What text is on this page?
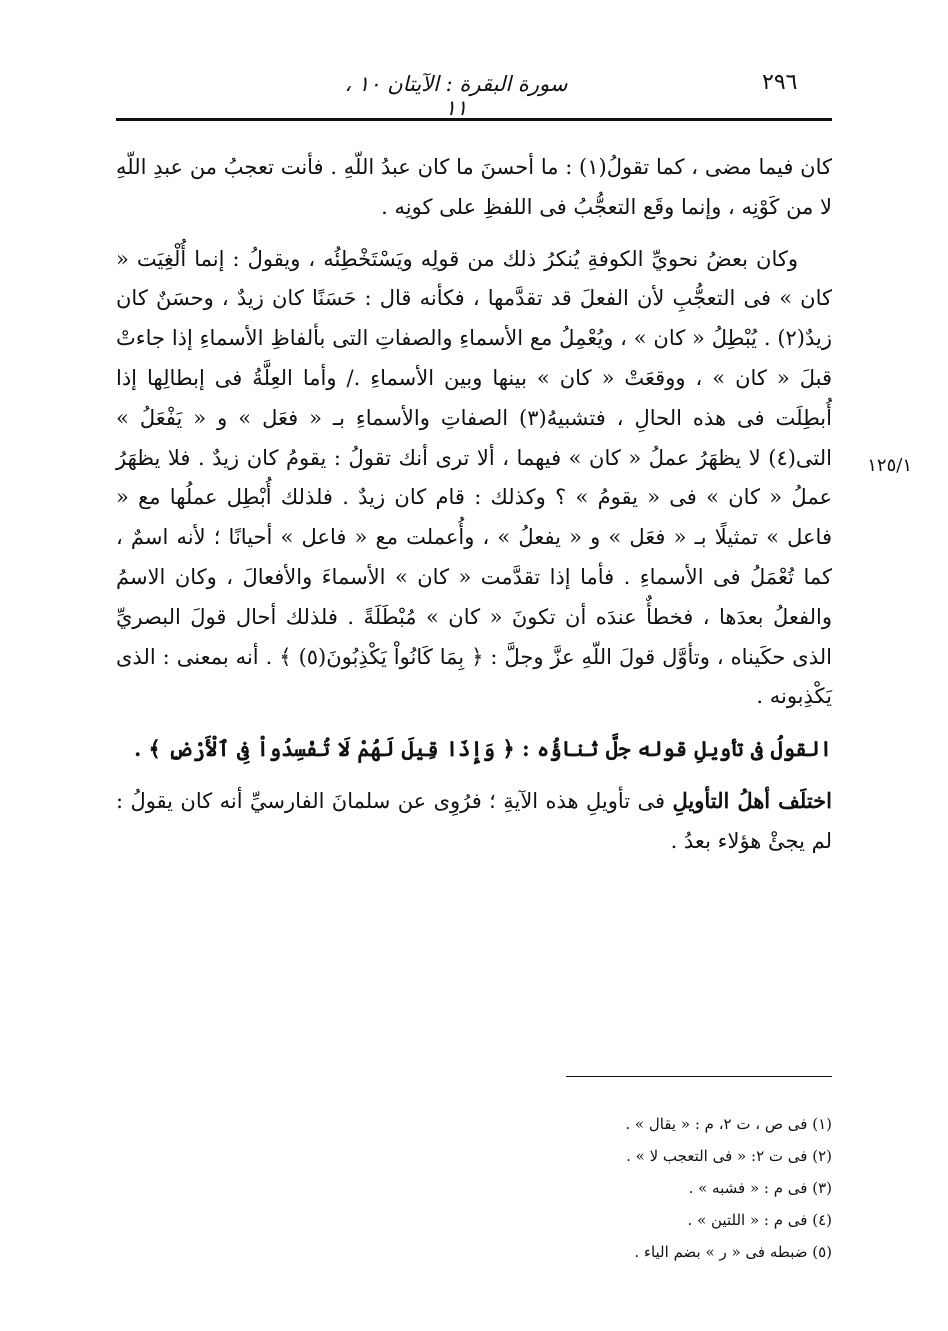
٢٩٦
سورة البقرة : الآيتان ١٠ ، ١١
١٢٥/١

كان فيما مضى ، كما تقولُ(١) : ما أحسنَ ما كان عبدُ اللّهِ . فأنت تعجبُ من عبدِ اللّهِ لا من كَوْنِه ، وإنما وقَع التعجُّبُ فى اللفظِ على كونِه .

وكان بعضُ نحويِّ الكوفةِ يُنكرُ ذلك من قولِه ويَسْتَخْطِئُه ، ويقولُ : إنما أُلْغِيَت « كان » فى التعجُّبِ لأن الفعلَ قد تقدَّمها ، فكأنه قال : حَسَنًا كان زيدٌ ، وحسَنٌ كان زيدٌ(٢) . يُبْطِلُ « كان » ، ويُعْمِلُ مع الأسماءِ والصفاتِ التى بألفاظِ الأسماءِ إذا جاءتْ قبلَ « كان » ، ووقعَتْ « كان » بينها وبين الأسماءِ ./ وأما العِلَّةُ فى إبطالِها إذا أُبطِلَت فى هذه الحالِ ، فتشبيهُ(٣) الصفاتِ والأسماءِ بـ « فعَل » و « يَفْعَلُ » التى(٤) لا يظهَرُ عملُ « كان » فيهما ، ألا ترى أنك تقولُ : يقومُ كان زيدٌ . فلا يظهَرُ عملُ « كان » فى « يقومُ » ؟ وكذلك : قام كان زيدٌ . فلذلك أُبْطِل عملُها مع « فاعل » تمثيلًا بـ « فعَل » و « يفعلُ » ، وأُعملت مع « فاعل » أحيانًا ؛ لأنه اسمٌ ، كما تُعْمَلُ فى الأسماءِ . فأما إذا تقدَّمت « كان » الأسماءَ والأفعالَ ، وكان الاسمُ والفعلُ بعدَها ، فخطأٌ عندَه أن تكونَ « كان » مُبْطَلَةً . فلذلك أحال قولَ البصريِّ الذى حكَيناه ، وتأوَّل قولَ اللّهِ عزَّ وجلَّ : ﴿ بِمَا كَانُواْ يَكْذِبُونَ(٥) ﴾ . أنه بمعنى : الذى يَكْذِبونه .

القولُ فى تأويلِ قوله جلَّ ثناؤُه : ﴿ وَإِذَا قِيلَ لَهُمْ لَا تُفْسِدُواْ فِى ٱلْأَرْضِ ﴾ .

اختلَف أهلُ التأويلِ فى تأويلِ هذه الآيةِ ؛ فرُوِى عن سلمانَ الفارسيِّ أنه كان يقولُ : لم يجئْ هؤلاء بعدُ .

(١) فى ص ، ت ٢، م : « يقال » .
(٢) فى ت ٢: « فى التعجب لا » .
(٣) فى م : « فشبه » .
(٤) فى م : « اللتين » .
(٥) ضبطه فى « ر » بضم الياء .
